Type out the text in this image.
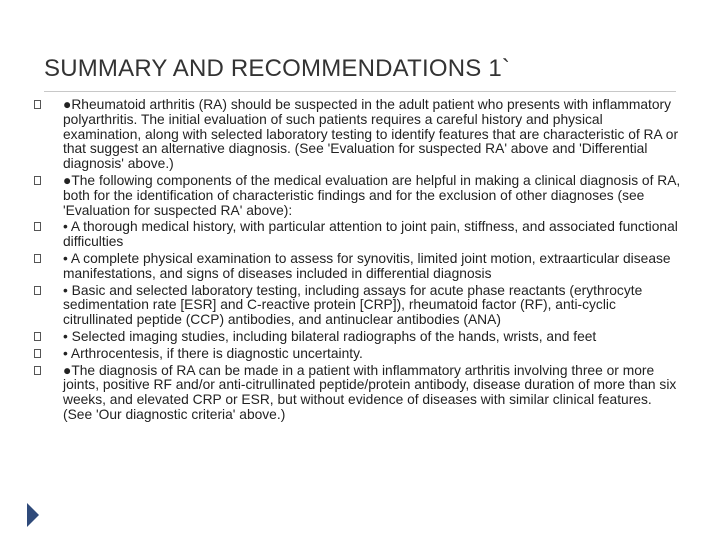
SUMMARY AND RECOMMENDATIONS 1`
●Rheumatoid arthritis (RA) should be suspected in the adult patient who presents with inflammatory polyarthritis. The initial evaluation of such patients requires a careful history and physical examination, along with selected laboratory testing to identify features that are characteristic of RA or that suggest an alternative diagnosis. (See 'Evaluation for suspected RA' above and 'Differential diagnosis' above.)
●The following components of the medical evaluation are helpful in making a clinical diagnosis of RA, both for the identification of characteristic findings and for the exclusion of other diagnoses (see 'Evaluation for suspected RA' above):
• A thorough medical history, with particular attention to joint pain, stiffness, and associated functional difficulties
• A complete physical examination to assess for synovitis, limited joint motion, extraarticular disease manifestations, and signs of diseases included in differential diagnosis
• Basic and selected laboratory testing, including assays for acute phase reactants (erythrocyte sedimentation rate [ESR] and C-reactive protein [CRP]), rheumatoid factor (RF), anti-cyclic citrullinated peptide (CCP) antibodies, and antinuclear antibodies (ANA)
• Selected imaging studies, including bilateral radiographs of the hands, wrists, and feet
• Arthrocentesis, if there is diagnostic uncertainty.
●The diagnosis of RA can be made in a patient with inflammatory arthritis involving three or more joints, positive RF and/or anti-citrullinated peptide/protein antibody, disease duration of more than six weeks, and elevated CRP or ESR, but without evidence of diseases with similar clinical features. (See 'Our diagnostic criteria' above.)
